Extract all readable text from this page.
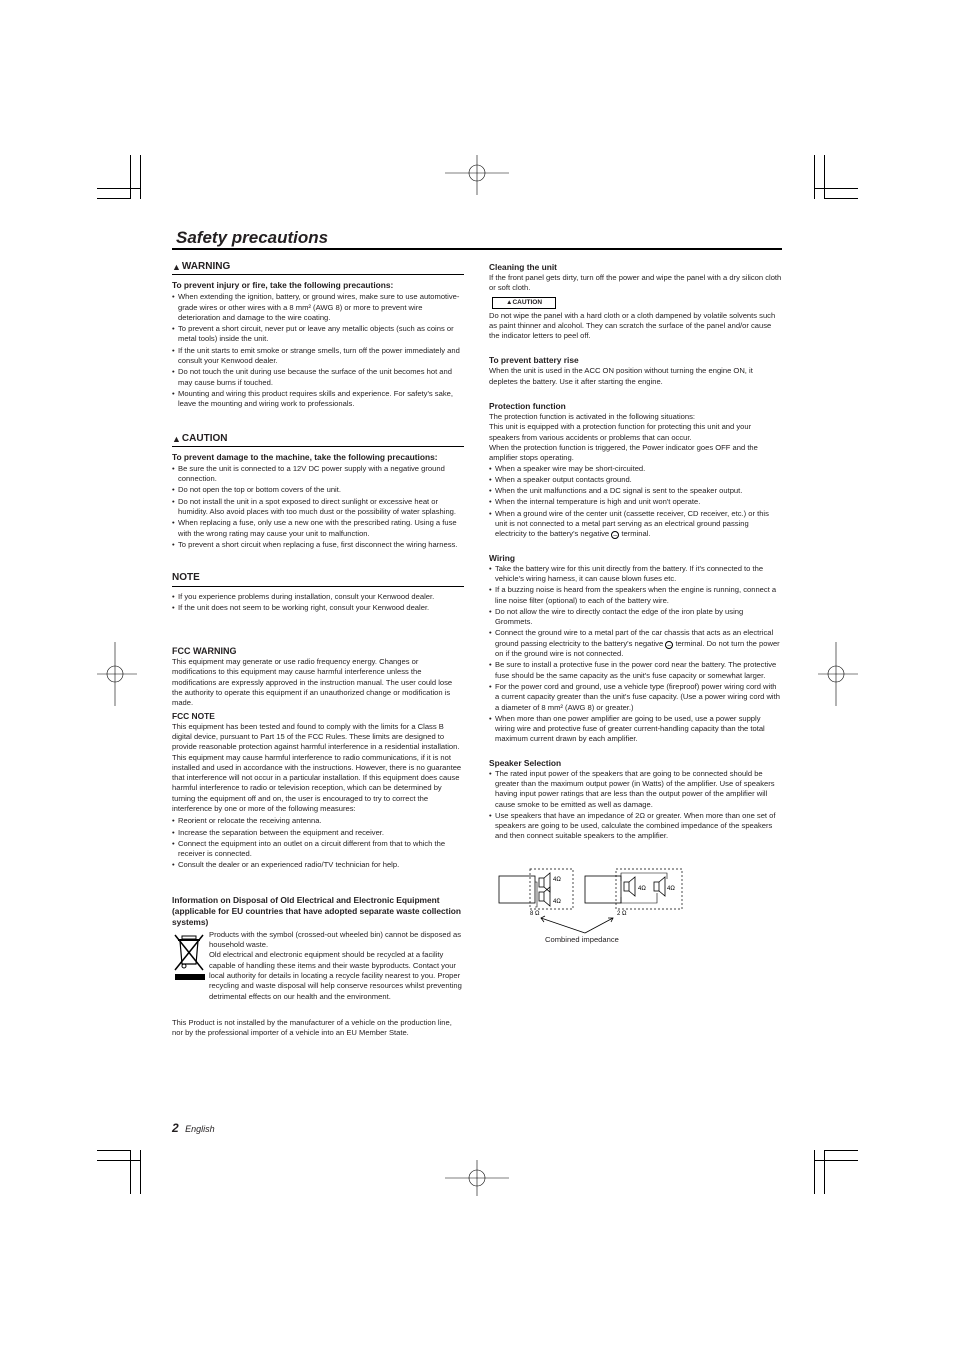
Safety precautions
▲ WARNING

To prevent injury or fire, take the following precautions:

• When extending the ignition, battery, or ground wires, make sure to use automotive-grade wires or other wires with a 8 mm² (AWG 8) or more to prevent wire deterioration and damage to the wire coating.
• To prevent a short circuit, never put or leave any metallic objects (such as coins or metal tools) inside the unit.
• If the unit starts to emit smoke or strange smells, turn off the power immediately and consult your Kenwood dealer.
• Do not touch the unit during use because the surface of the unit becomes hot and may cause burns if touched.
• Mounting and wiring this product requires skills and experience. For safety's sake, leave the mounting and wiring work to professionals.
▲ CAUTION

To prevent damage to the machine, take the following precautions:

• Be sure the unit is connected to a 12V DC power supply with a negative ground connection.
• Do not open the top or bottom covers of the unit.
• Do not install the unit in a spot exposed to direct sunlight or excessive heat or humidity. Also avoid places with too much dust or the possibility of water splashing.
• When replacing a fuse, only use a new one with the prescribed rating. Using a fuse with the wrong rating may cause your unit to malfunction.
• To prevent a short circuit when replacing a fuse, first disconnect the wiring harness.
NOTE
• If you experience problems during installation, consult your Kenwood dealer.
• If the unit does not seem to be working right, consult your Kenwood dealer.

FCC WARNING

This equipment may generate or use radio frequency energy. Changes or modifications to this equipment may cause harmful interference unless the modifications are expressly approved in the instruction manual. The user could lose the authority to operate this equipment if an unauthorized change or modification is made.

FCC NOTE

This equipment has been tested and found to comply with the limits for a Class B digital device, pursuant to Part 15 of the FCC Rules. These limits are designed to provide reasonable protection against harmful interference in a residential installation. This equipment may cause harmful interference to radio communications, if it is not installed and used in accordance with the instructions. However, there is no guarantee that interference will not occur in a particular installation. If this equipment does cause harmful interference to radio or television reception, which can be determined by turning the equipment off and on, the user is encouraged to try to correct the interference by one or more of the following measures:

• Reorient or relocate the receiving antenna.
• Increase the separation between the equipment and receiver.
• Connect the equipment into an outlet on a circuit different from that to which the receiver is connected.
• Consult the dealer or an experienced radio/TV technician for help.

Information on Disposal of Old Electrical and Electronic Equipment (applicable for EU countries that have adopted separate waste collection systems)

Products with the symbol (crossed-out wheeled bin) cannot be disposed as household waste.

Old electrical and electronic equipment should be recycled at a facility capable of handling these items and their waste byproducts. Contact your local authority for details in locating a recycle facility nearest to you. Proper recycling and waste disposal will help conserve resources whilst preventing detrimental effects on our health and the environment.

This Product is not installed by the manufacturer of a vehicle on the production line, nor by the professional importer of a vehicle into an EU Member State.

Cleaning the unit

If the front panel gets dirty, turn off the power and wipe the panel with a dry silicon cloth or soft cloth.

▲CAUTION

Do not wipe the panel with a hard cloth or a cloth dampened by volatile solvents such as paint thinner and alcohol. They can scratch the surface of the panel and/or cause the indicator letters to peel off.

To prevent battery rise

When the unit is used in the ACC ON position without turning the engine ON, it depletes the battery. Use it after starting the engine.

Protection function

The protection function is activated in the following situations:

This unit is equipped with a protection function for protecting this unit and your speakers from various accidents or problems that can occur.

When the protection function is triggered, the Power indicator goes OFF and the amplifier stops operating.

• When a speaker wire may be short-circuited.
• When a speaker output contacts ground.
• When the unit malfunctions and a DC signal is sent to the speaker output.
• When the internal temperature is high and unit won't operate.
• When a ground wire of the center unit (cassette receiver, CD receiver, etc.) or this unit is not connected to a metal part serving as an electrical ground passing electricity to the battery's negative – terminal.

Wiring

• Take the battery wire for this unit directly from the battery. If it's connected to the vehicle's wiring harness, it can cause blown fuses etc.
• If a buzzing noise is heard from the speakers when the engine is running, connect a line noise filter (optional) to each of the battery wire.
• Do not allow the wire to directly contact the edge of the iron plate by using Grommets.
• Connect the ground wire to a metal part of the car chassis that acts as an electrical ground passing electricity to the battery's negative – terminal. Do not turn the power on if the ground wire is not connected.
• Be sure to install a protective fuse in the power cord near the battery. The protective fuse should be the same capacity as the unit's fuse capacity or somewhat larger.
• For the power cord and ground, use a vehicle type (fireproof) power wiring cord with a current capacity greater than the unit's fuse capacity. (Use a power wiring cord with a diameter of 8 mm² (AWG 8) or greater.)
• When more than one power amplifier are going to be used, use a power supply wiring wire and protective fuse of greater current-handling capacity than the total maximum current drawn by each amplifier.

Speaker Selection

• The rated input power of the speakers that are going to be connected should be greater than the maximum output power (in Watts) of the amplifier. Use of speakers having input power ratings that are less than the output power of the amplifier will cause smoke to be emitted as well as damage.
• Use speakers that have an impedance of 2Ω or greater. When more than one set of speakers are going to be used, calculate the combined impedance of the speakers and then connect suitable speakers to the amplifier.
4Ω
4Ω
8 Ω
4Ω	4Ω
2 Ω
Combined impedance
2 English
